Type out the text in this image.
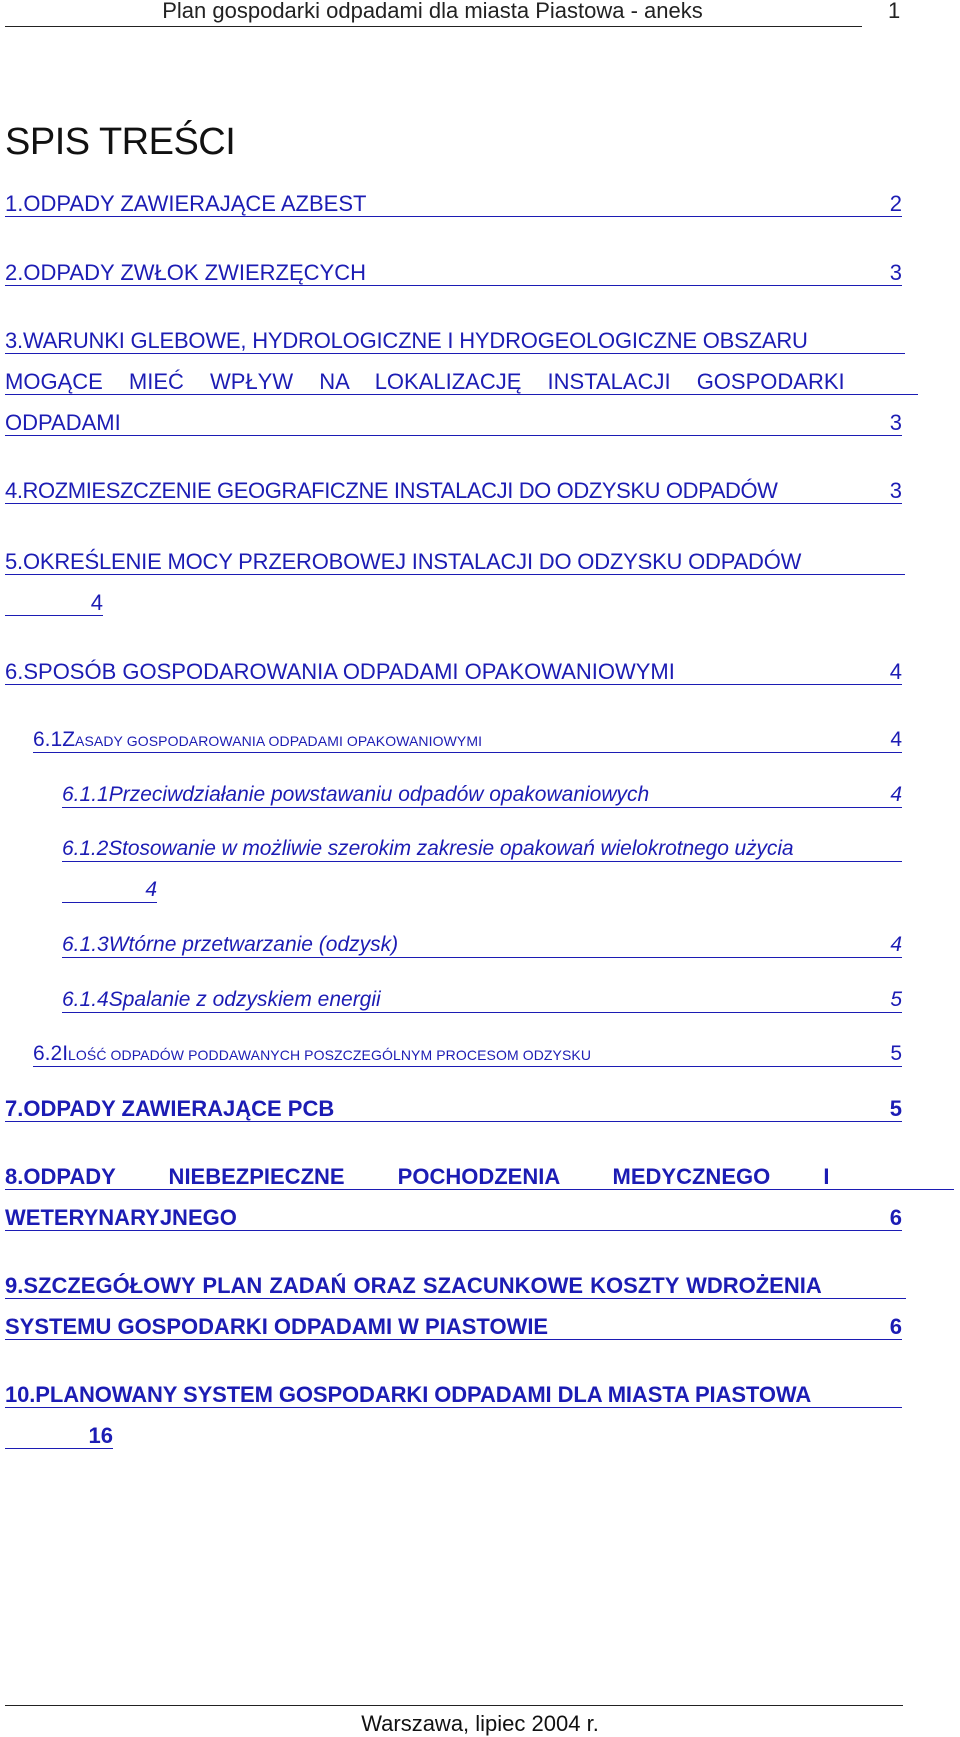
Plan gospodarki odpadami dla miasta Piastowa - aneks	1
SPIS TREŚCI
1.ODPADY ZAWIERAJĄCE AZBEST	2
2.ODPADY ZWŁOK ZWIERZĘCYCH	3
3.WARUNKI GLEBOWE, HYDROLOGICZNE I HYDROGEOLOGICZNE OBSZARU
MOGĄCE MIEĆ WPŁYW NA LOKALIZACJĘ INSTALACJI GOSPODARKI
ODPADAMI	3
4.ROZMIESZCZENIE GEOGRAFICZNE INSTALACJI DO ODZYSKU ODPADÓW	3
5.OKREŚLENIE MOCY PRZEROBOWEJ INSTALACJI DO ODZYSKU ODPADÓW
4
6.SPOSÓB GOSPODAROWANIA ODPADAMI OPAKOWANIOWYMI	4
6.1ZASADY GOSPODAROWANIA ODPADAMI OPAKOWANIOWYMI	4
6.1.1Przeciwdziałanie powstawaniu odpadów opakowaniowych	4
6.1.2Stosowanie w możliwie szerokim zakresie opakowań wielokrotnego użycia
4
6.1.3Wtórne przetwarzanie (odzysk)	4
6.1.4Spalanie z odzyskiem energii	5
6.2ILOŚĆ ODPADÓW PODDAWANYCH POSZCZEGÓLNYM PROCESOM ODZYSKU	5
7.ODPADY ZAWIERAJĄCE PCB	5
8.ODPADY NIEBEZPIECZNE POCHODZENIA MEDYCZNEGO I
WETERYNARYJNEGO	6
9.SZCZEGÓŁOWY PLAN ZADAŃ ORAZ SZACUNKOWE KOSZTY WDROŻENIA
SYSTEMU GOSPODARKI ODPADAMI W PIASTOWIE	6
10.PLANOWANY SYSTEM GOSPODARKI ODPADAMI DLA MIASTA PIASTOWA
16
Warszawa, lipiec 2004 r.
